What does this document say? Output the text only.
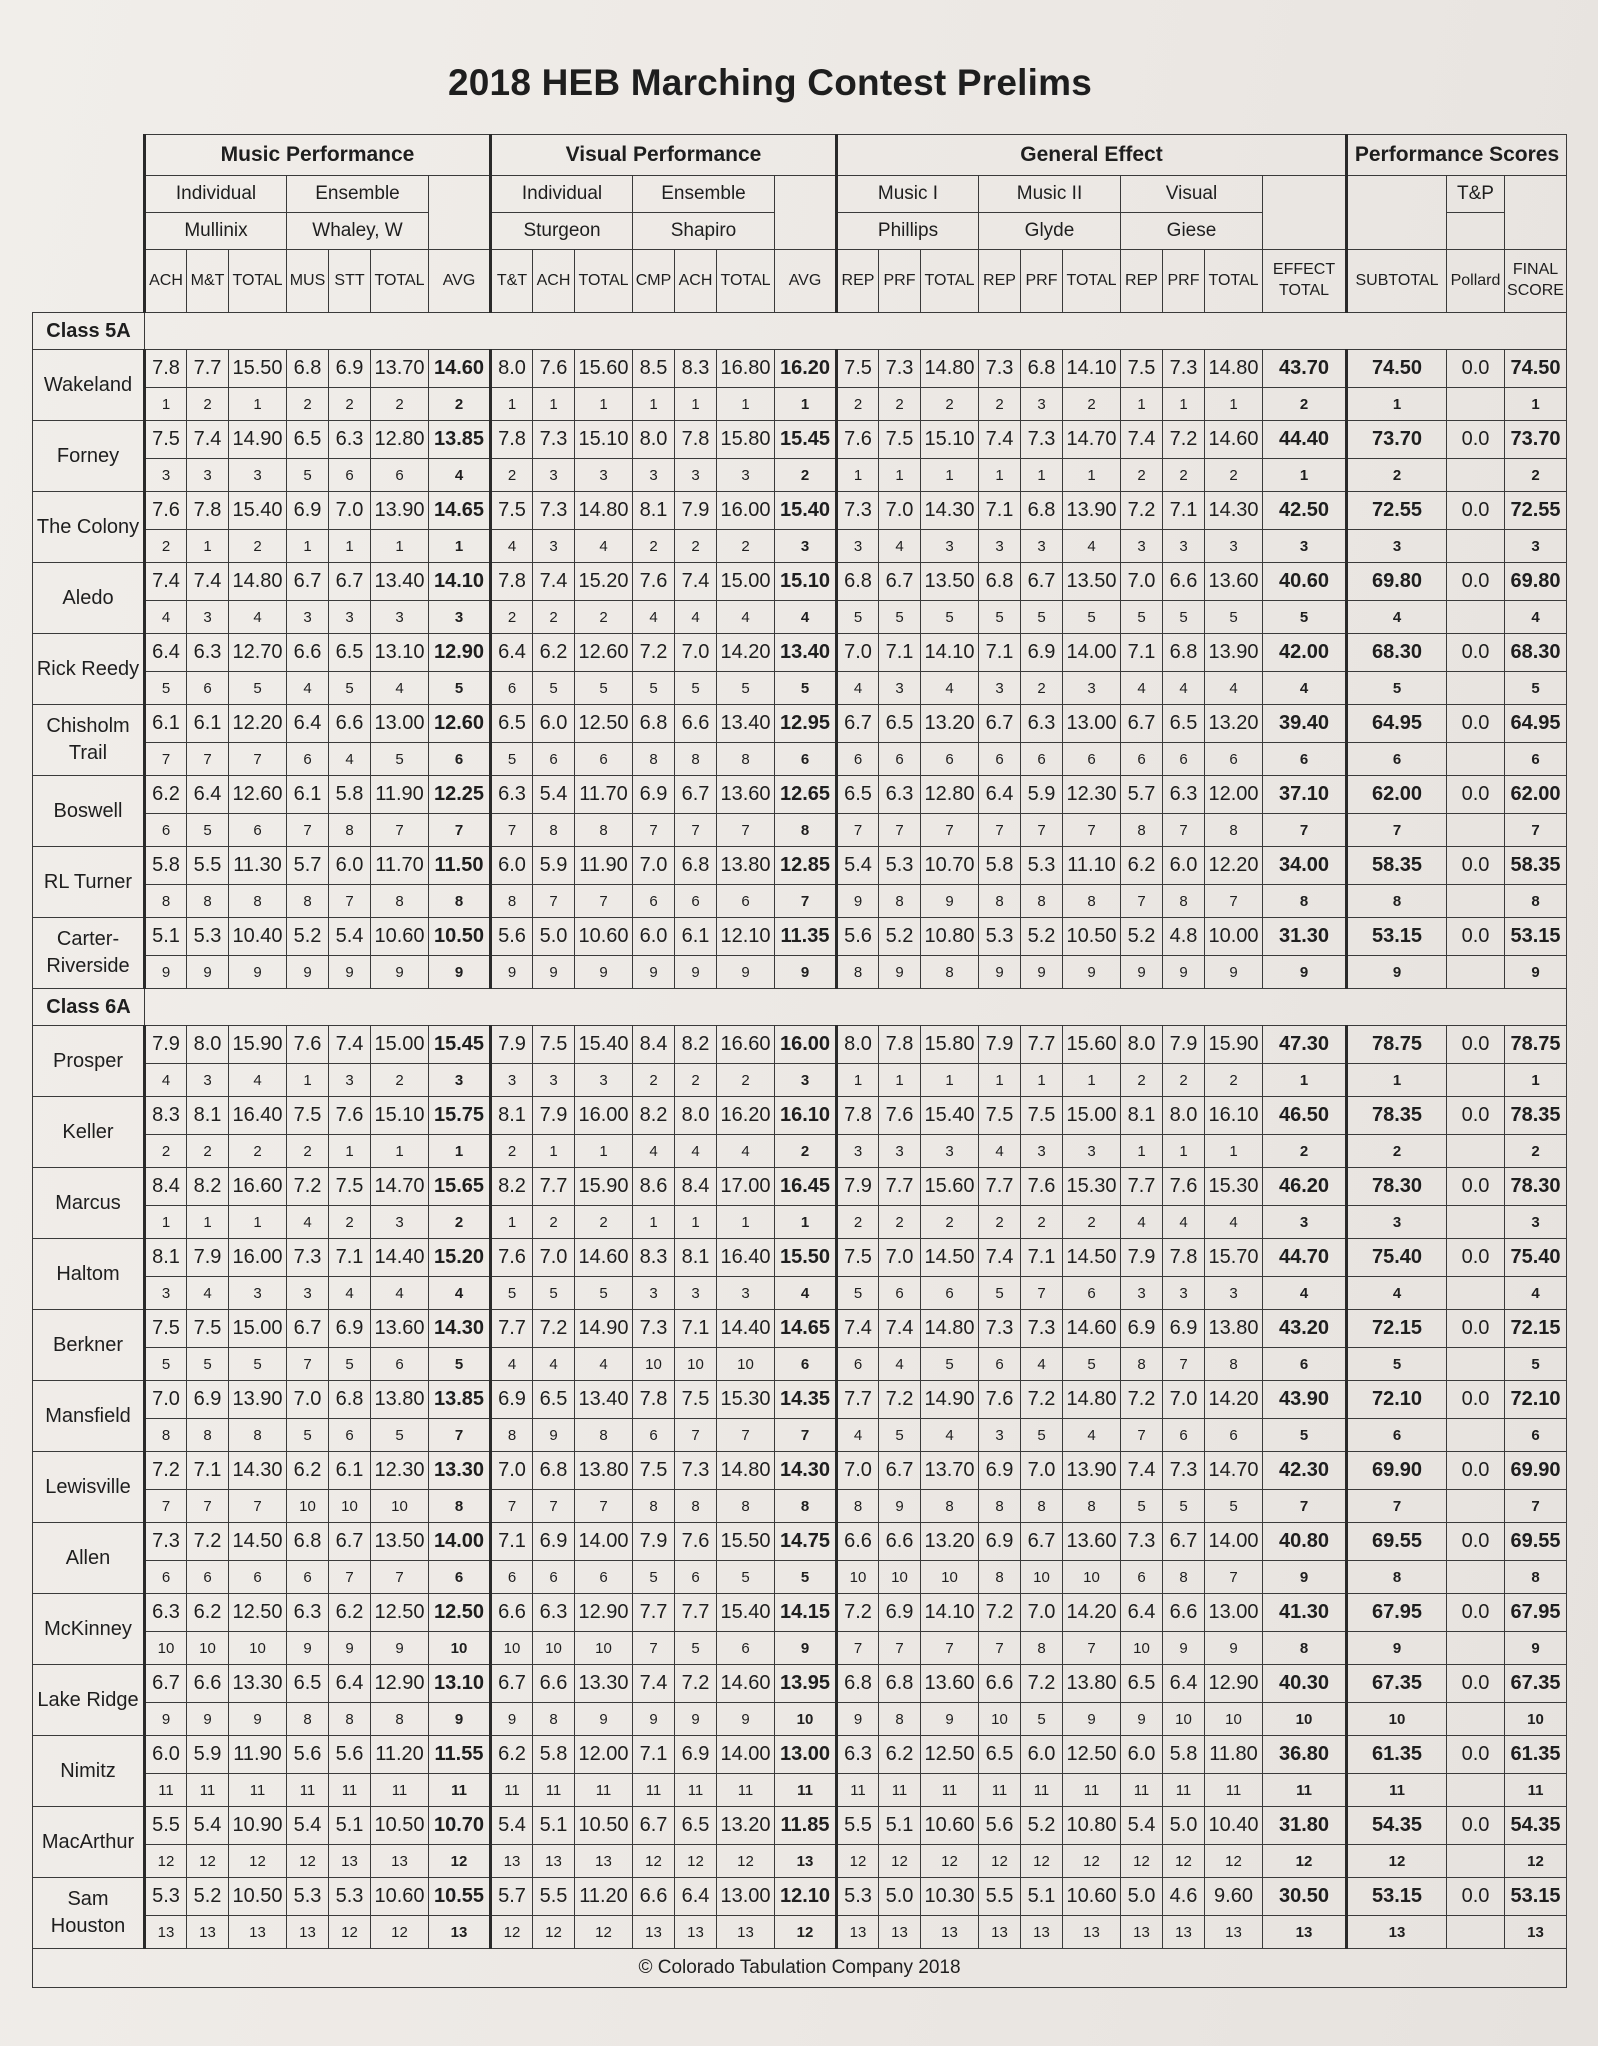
2018 HEB Marching Contest Prelims
	Music Performance							Visual Performance							General Effect										Performance Scores		
	Individual			Ensemble				Individual			Ensemble				Music I			Music II			Visual					T&P	
	Mullinix			Whaley, W				Sturgeon			Shapiro				Phillips			Glyde			Giese						
	ACH	M&T	TOTAL	MUS	STT	TOTAL	AVG	T&T	ACH	TOTAL	CMP	ACH	TOTAL	AVG	REP	PRF	TOTAL	REP	PRF	TOTAL	REP	PRF	TOTAL	EFFECT TOTAL	SUBTOTAL	Pollard	FINAL SCORE
Class 5A																											
Wakeland	7.8	7.7	15.50	6.8	6.9	13.70	14.60	8.0	7.6	15.60	8.5	8.3	16.80	16.20	7.5	7.3	14.80	7.3	6.8	14.10	7.5	7.3	14.80	43.70	74.50	0.0	74.50
	1	2	1	2	2	2	2	1	1	1	1	1	1	1	2	2	2	2	3	2	1	1	1	2	1		1
Forney	7.5	7.4	14.90	6.5	6.3	12.80	13.85	7.8	7.3	15.10	8.0	7.8	15.80	15.45	7.6	7.5	15.10	7.4	7.3	14.70	7.4	7.2	14.60	44.40	73.70	0.0	73.70
	3	3	3	5	6	6	4	2	3	3	3	3	3	2	1	1	1	1	1	1	2	2	2	1	2		2
The Colony	7.6	7.8	15.40	6.9	7.0	13.90	14.65	7.5	7.3	14.80	8.1	7.9	16.00	15.40	7.3	7.0	14.30	7.1	6.8	13.90	7.2	7.1	14.30	42.50	72.55	0.0	72.55
	2	1	2	1	1	1	1	4	3	4	2	2	2	3	3	4	3	3	3	4	3	3	3	3	3		3
Aledo	7.4	7.4	14.80	6.7	6.7	13.40	14.10	7.8	7.4	15.20	7.6	7.4	15.00	15.10	6.8	6.7	13.50	6.8	6.7	13.50	7.0	6.6	13.60	40.60	69.80	0.0	69.80
	4	3	4	3	3	3	3	2	2	2	4	4	4	4	5	5	5	5	5	5	5	5	5	5	4		4
Rick Reedy	6.4	6.3	12.70	6.6	6.5	13.10	12.90	6.4	6.2	12.60	7.2	7.0	14.20	13.40	7.0	7.1	14.10	7.1	6.9	14.00	7.1	6.8	13.90	42.00	68.30	0.0	68.30
	5	6	5	4	5	4	5	6	5	5	5	5	5	5	4	3	4	3	2	3	4	4	4	4	5		5
Chisholm Trail	6.1	6.1	12.20	6.4	6.6	13.00	12.60	6.5	6.0	12.50	6.8	6.6	13.40	12.95	6.7	6.5	13.20	6.7	6.3	13.00	6.7	6.5	13.20	39.40	64.95	0.0	64.95
	7	7	7	6	4	5	6	5	6	6	8	8	8	6	6	6	6	6	6	6	6	6	6	6	6		6
Boswell	6.2	6.4	12.60	6.1	5.8	11.90	12.25	6.3	5.4	11.70	6.9	6.7	13.60	12.65	6.5	6.3	12.80	6.4	5.9	12.30	5.7	6.3	12.00	37.10	62.00	0.0	62.00
	6	5	6	7	8	7	7	7	8	8	7	7	7	8	7	7	7	7	7	7	8	7	8	7	7		7
RL Turner	5.8	5.5	11.30	5.7	6.0	11.70	11.50	6.0	5.9	11.90	7.0	6.8	13.80	12.85	5.4	5.3	10.70	5.8	5.3	11.10	6.2	6.0	12.20	34.00	58.35	0.0	58.35
	8	8	8	8	7	8	8	8	7	7	6	6	6	7	9	8	9	8	8	8	7	8	7	8	8		8
Carter-Riverside	5.1	5.3	10.40	5.2	5.4	10.60	10.50	5.6	5.0	10.60	6.0	6.1	12.10	11.35	5.6	5.2	10.80	5.3	5.2	10.50	5.2	4.8	10.00	31.30	53.15	0.0	53.15
	9	9	9	9	9	9	9	9	9	9	9	9	9	9	8	9	8	9	9	9	9	9	9	9	9		9
Class 6A																											
Prosper	7.9	8.0	15.90	7.6	7.4	15.00	15.45	7.9	7.5	15.40	8.4	8.2	16.60	16.00	8.0	7.8	15.80	7.9	7.7	15.60	8.0	7.9	15.90	47.30	78.75	0.0	78.75
	4	3	4	1	3	2	3	3	3	3	2	2	2	3	1	1	1	1	1	1	2	2	2	1	1		1
Keller	8.3	8.1	16.40	7.5	7.6	15.10	15.75	8.1	7.9	16.00	8.2	8.0	16.20	16.10	7.8	7.6	15.40	7.5	7.5	15.00	8.1	8.0	16.10	46.50	78.35	0.0	78.35
	2	2	2	2	1	1	1	2	1	1	4	4	4	2	3	3	3	4	3	3	1	1	1	2	2		2
Marcus	8.4	8.2	16.60	7.2	7.5	14.70	15.65	8.2	7.7	15.90	8.6	8.4	17.00	16.45	7.9	7.7	15.60	7.7	7.6	15.30	7.7	7.6	15.30	46.20	78.30	0.0	78.30
	1	1	1	4	2	3	2	1	2	2	1	1	1	1	2	2	2	2	2	2	4	4	4	3	3		3
Haltom	8.1	7.9	16.00	7.3	7.1	14.40	15.20	7.6	7.0	14.60	8.3	8.1	16.40	15.50	7.5	7.0	14.50	7.4	7.1	14.50	7.9	7.8	15.70	44.70	75.40	0.0	75.40
	3	4	3	3	4	4	4	5	5	5	3	3	3	4	5	6	6	5	7	6	3	3	3	4	4		4
Berkner	7.5	7.5	15.00	6.7	6.9	13.60	14.30	7.7	7.2	14.90	7.3	7.1	14.40	14.65	7.4	7.4	14.80	7.3	7.3	14.60	6.9	6.9	13.80	43.20	72.15	0.0	72.15
	5	5	5	7	5	6	5	4	4	4	10	10	10	6	6	4	5	6	4	5	8	7	8	6	5		5
Mansfield	7.0	6.9	13.90	7.0	6.8	13.80	13.85	6.9	6.5	13.40	7.8	7.5	15.30	14.35	7.7	7.2	14.90	7.6	7.2	14.80	7.2	7.0	14.20	43.90	72.10	0.0	72.10
	8	8	8	5	6	5	7	8	9	8	6	7	7	7	4	5	4	3	5	4	7	6	6	5	6		6
Lewisville	7.2	7.1	14.30	6.2	6.1	12.30	13.30	7.0	6.8	13.80	7.5	7.3	14.80	14.30	7.0	6.7	13.70	6.9	7.0	13.90	7.4	7.3	14.70	42.30	69.90	0.0	69.90
	7	7	7	10	10	10	8	7	7	7	8	8	8	8	8	9	8	8	8	8	5	5	5	7	7		7
Allen	7.3	7.2	14.50	6.8	6.7	13.50	14.00	7.1	6.9	14.00	7.9	7.6	15.50	14.75	6.6	6.6	13.20	6.9	6.7	13.60	7.3	6.7	14.00	40.80	69.55	0.0	69.55
	6	6	6	6	7	7	6	6	6	6	5	6	5	5	10	10	10	8	10	10	6	8	7	9	8		8
McKinney	6.3	6.2	12.50	6.3	6.2	12.50	12.50	6.6	6.3	12.90	7.7	7.7	15.40	14.15	7.2	6.9	14.10	7.2	7.0	14.20	6.4	6.6	13.00	41.30	67.95	0.0	67.95
	10	10	10	9	9	9	10	10	10	10	7	5	6	9	7	7	7	7	8	7	10	9	9	8	9		9
Lake Ridge	6.7	6.6	13.30	6.5	6.4	12.90	13.10	6.7	6.6	13.30	7.4	7.2	14.60	13.95	6.8	6.8	13.60	6.6	7.2	13.80	6.5	6.4	12.90	40.30	67.35	0.0	67.35
	9	9	9	8	8	8	9	9	8	9	9	9	9	10	9	8	9	10	5	9	9	10	10	10	10		10
Nimitz	6.0	5.9	11.90	5.6	5.6	11.20	11.55	6.2	5.8	12.00	7.1	6.9	14.00	13.00	6.3	6.2	12.50	6.5	6.0	12.50	6.0	5.8	11.80	36.80	61.35	0.0	61.35
	11	11	11	11	11	11	11	11	11	11	11	11	11	11	11	11	11	11	11	11	11	11	11	11	11		11
MacArthur	5.5	5.4	10.90	5.4	5.1	10.50	10.70	5.4	5.1	10.50	6.7	6.5	13.20	11.85	5.5	5.1	10.60	5.6	5.2	10.80	5.4	5.0	10.40	31.80	54.35	0.0	54.35
	12	12	12	12	13	13	12	13	13	13	12	12	12	13	12	12	12	12	12	12	12	12	12	12	12		12
Sam Houston	5.3	5.2	10.50	5.3	5.3	10.60	10.55	5.7	5.5	11.20	6.6	6.4	13.00	12.10	5.3	5.0	10.30	5.5	5.1	10.60	5.0	4.6	9.60	30.50	53.15	0.0	53.15
	13	13	13	13	12	12	13	12	12	12	13	13	13	12	13	13	13	13	13	13	13	13	13	13	13		13
© Colorado Tabulation Company 2018																											
